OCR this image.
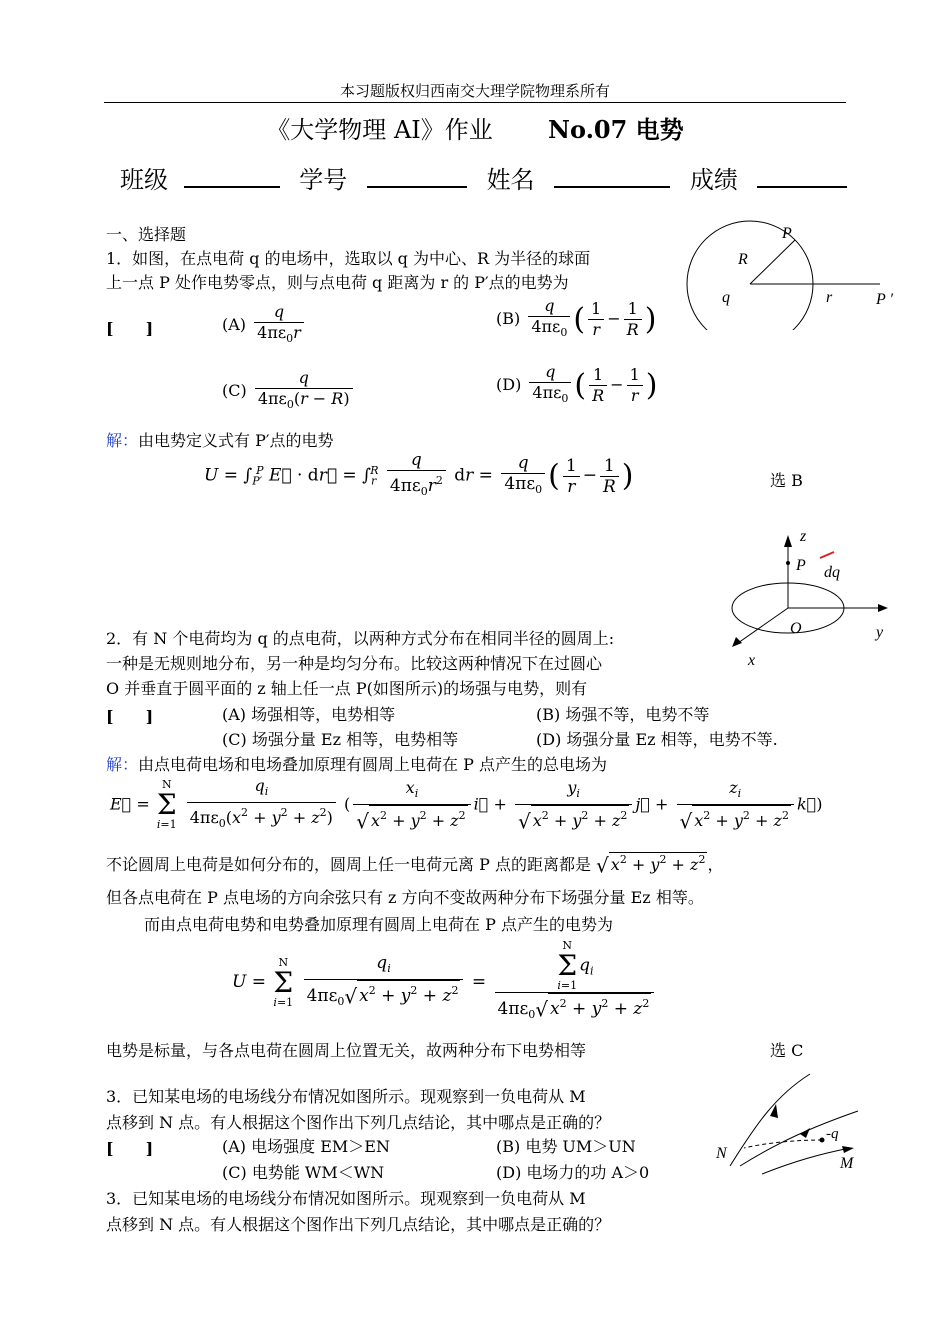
本习题版权归西南交大理学院物理系所有
《大学物理 AI》作业 No.07 电势
班级	学号	姓名	成绩
一、选择题
1．如图，在点电荷 q 的电场中，选取以 q 为中心、R 为半径的球面
上一点 P 处作电势零点，则与点电荷 q 距离为 r 的 P′点的电势为
[　　]	$(A) \frac{q}{4\pi\varepsilon_0r}$	$(B) \frac{q}{4\pi\varepsilon_0}$ ( $\frac{1}{r} - \frac{1}{R}$ )
$(C) \frac{q}{4\pi\varepsilon_0(r - R)}$	$(D) \frac{q}{4\pi\varepsilon_0}$ ( $\frac{1}{R} - \frac{1}{r}$ )
解：由电势定义式有 P′点的电势
$U = \int_{P'}^P$ E⃗ · dr⃗ = $\int_r^R \frac{q}{4\pi\varepsilon_0r^2}$ dr = $\frac{q}{4\pi\varepsilon_0}$ ( $\frac{1}{r} - \frac{1}{R}$ )	选 B
P
R
q	r	P ′
z
P dq
O	y
x
2．有 N 个电荷均为 q 的点电荷，以两种方式分布在相同半径的圆周上:
一种是无规则地分布，另一种是均匀分布。比较这两种情况下在过圆心
O 并垂直于圆平面的 z 轴上任一点 P(如图所示)的场强与电势，则有
[　　]	(A) 场强相等，电势相等	(B) 场强不等，电势不等
(C) 场强分量 Ez 相等，电势相等	(D) 场强分量 Ez 相等，电势不等.
解：由点电荷电场和电场叠加原理有圆周上电荷在 P 点产生的总电场为
E⃗ = N
Σ
$i=1 \frac{q_i}{4\pi\varepsilon_0(x^2 + y^2 + z^2)}$ ( $\frac{x_i}{√ x^2 + y^2 + z^2}$ i⃗ + $\frac{y_i}{√ x^2 + y^2 + z^2}$ j⃗ + $\frac{z_i}{√ x^2 + y^2 + z^2}$ k⃗)
不论圆周上电荷是如何分布的，圆周上任一电荷元离 P 点的距离都是 √ $x^2 + y^2 + z^2$ ，
但各点电荷在 P 点电场的方向余弦只有 z 方向不变故两种分布下场强分量 Ez 相等。
而由点电荷电势和电势叠加原理有圆周上电荷在 P 点产生的电势为
U = N
Σ
$i=1 \frac{q_i}{4\pi\varepsilon_0√ x^2 + y^2 + z^2} = N$
Σ
$i=1q_i$
$4\pi\varepsilon_0√$ $x^2 + y^2 + z^2$
电势是标量，与各点电荷在圆周上位置无关，故两种分布下电势相等	选 C
3．已知某电场的电场线分布情况如图所示。现观察到一负电荷从 M
点移到 N 点。有人根据这个图作出下列几点结论，其中哪点是正确的？
[　　]	(A) 电场强度 EM＞EN	(B) 电势 UM＞UN
(C) 电势能 WM＜WN	(D) 电场力的功 A＞0
3．已知某电场的电场线分布情况如图所示。现观察到一负电荷从 M
点移到 N 点。有人根据这个图作出下列几点结论，其中哪点是正确的？
N
M
-q
